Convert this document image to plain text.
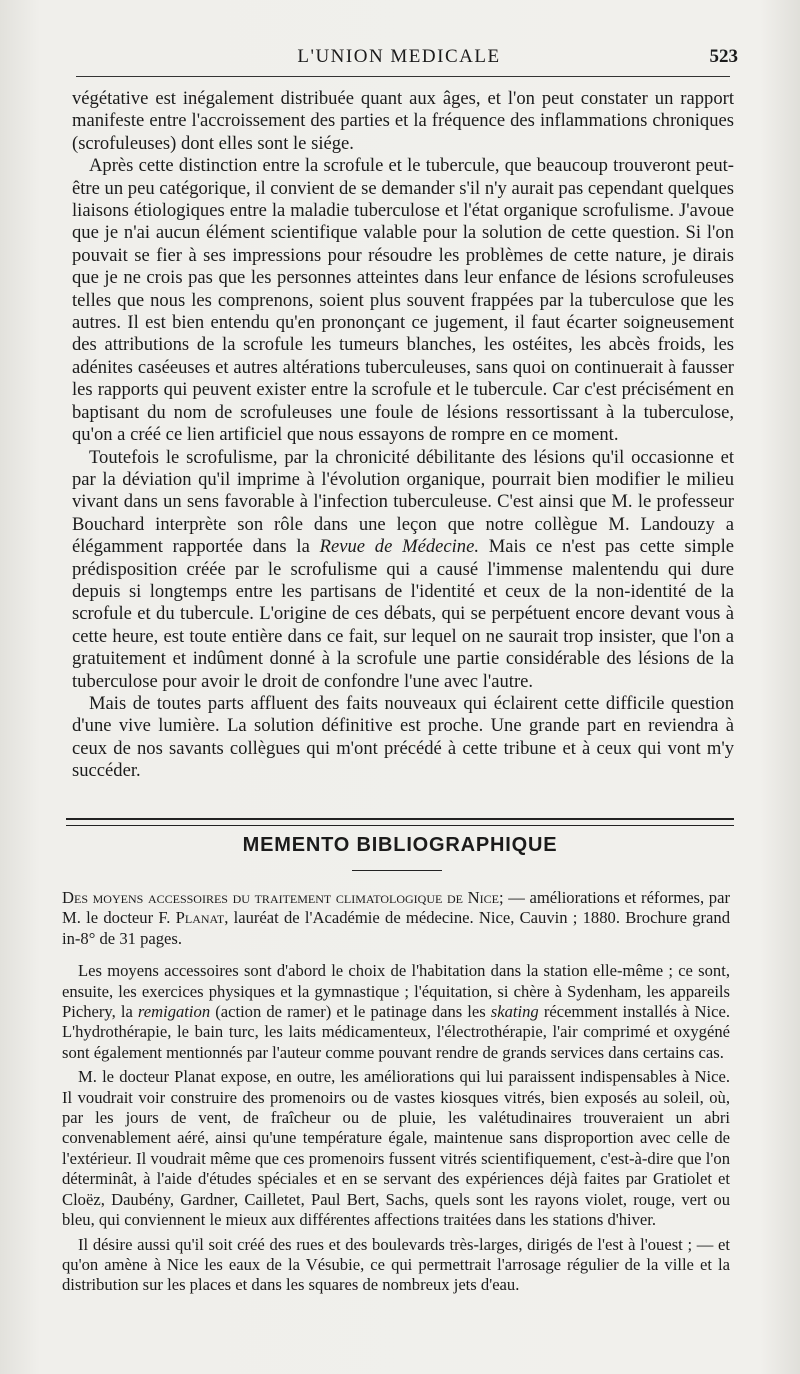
L'UNION MEDICALE	523

végétative est inégalement distribuée quant aux âges, et l'on peut constater un rapport manifeste entre l'accroissement des parties et la fréquence des inflammations chroniques (scrofuleuses) dont elles sont le siége.

Après cette distinction entre la scrofule et le tubercule, que beaucoup trouveront peut-être un peu catégorique, il convient de se demander s'il n'y aurait pas cependant quelques liaisons étiologiques entre la maladie tuberculose et l'état organique scrofulisme. J'avoue que je n'ai aucun élément scientifique valable pour la solution de cette question. Si l'on pouvait se fier à ses impressions pour résoudre les problèmes de cette nature, je dirais que je ne crois pas que les personnes atteintes dans leur enfance de lésions scrofuleuses telles que nous les comprenons, soient plus souvent frappées par la tuberculose que les autres. Il est bien entendu qu'en prononçant ce jugement, il faut écarter soigneusement des attributions de la scrofule les tumeurs blanches, les ostéites, les abcès froids, les adénites caséeuses et autres altérations tuberculeuses, sans quoi on continuerait à fausser les rapports qui peuvent exister entre la scrofule et le tubercule. Car c'est précisément en baptisant du nom de scrofuleuses une foule de lésions ressortissant à la tuberculose, qu'on a créé ce lien artificiel que nous essayons de rompre en ce moment.

Toutefois le scrofulisme, par la chronicité débilitante des lésions qu'il occasionne et par la déviation qu'il imprime à l'évolution organique, pourrait bien modifier le milieu vivant dans un sens favorable à l'infection tuberculeuse. C'est ainsi que M. le professeur Bouchard interprète son rôle dans une leçon que notre collègue M. Landouzy a élégamment rapportée dans la Revue de Médecine. Mais ce n'est pas cette simple prédisposition créée par le scrofulisme qui a causé l'immense malentendu qui dure depuis si longtemps entre les partisans de l'identité et ceux de la non-identité de la scrofule et du tubercule. L'origine de ces débats, qui se perpétuent encore devant vous à cette heure, est toute entière dans ce fait, sur lequel on ne saurait trop insister, que l'on a gratuitement et indûment donné à la scrofule une partie considérable des lésions de la tuberculose pour avoir le droit de confondre l'une avec l'autre.

Mais de toutes parts affluent des faits nouveaux qui éclairent cette difficile question d'une vive lumière. La solution définitive est proche. Une grande part en reviendra à ceux de nos savants collègues qui m'ont précédé à cette tribune et à ceux qui vont m'y succéder.

MEMENTO BIBLIOGRAPHIQUE

Des moyens accessoires du traitement climatologique de Nice; — améliorations et réformes, par M. le docteur F. Planat, lauréat de l'Académie de médecine. Nice, Cauvin ; 1880. Brochure grand in-8° de 31 pages.

Les moyens accessoires sont d'abord le choix de l'habitation dans la station elle-même ; ce sont, ensuite, les exercices physiques et la gymnastique ; l'équitation, si chère à Sydenham, les appareils Pichery, la remigation (action de ramer) et le patinage dans les skating récemment installés à Nice. L'hydrothérapie, le bain turc, les laits médicamenteux, l'électrothérapie, l'air comprimé et oxygéné sont également mentionnés par l'auteur comme pouvant rendre de grands services dans certains cas.

M. le docteur Planat expose, en outre, les améliorations qui lui paraissent indispensables à Nice. Il voudrait voir construire des promenoirs ou de vastes kiosques vitrés, bien exposés au soleil, où, par les jours de vent, de fraîcheur ou de pluie, les valétudinaires trouveraient un abri convenablement aéré, ainsi qu'une température égale, maintenue sans disproportion avec celle de l'extérieur. Il voudrait même que ces promenoirs fussent vitrés scientifiquement, c'est-à-dire que l'on déterminât, à l'aide d'études spéciales et en se servant des expériences déjà faites par Gratiolet et Cloëz, Daubény, Gardner, Cailletet, Paul Bert, Sachs, quels sont les rayons violet, rouge, vert ou bleu, qui conviennent le mieux aux différentes affections traitées dans les stations d'hiver.

Il désire aussi qu'il soit créé des rues et des boulevards très-larges, dirigés de l'est à l'ouest ; — et qu'on amène à Nice les eaux de la Vésubie, ce qui permettrait l'arrosage régulier de la ville et la distribution sur les places et dans les squares de nombreux jets d'eau.
